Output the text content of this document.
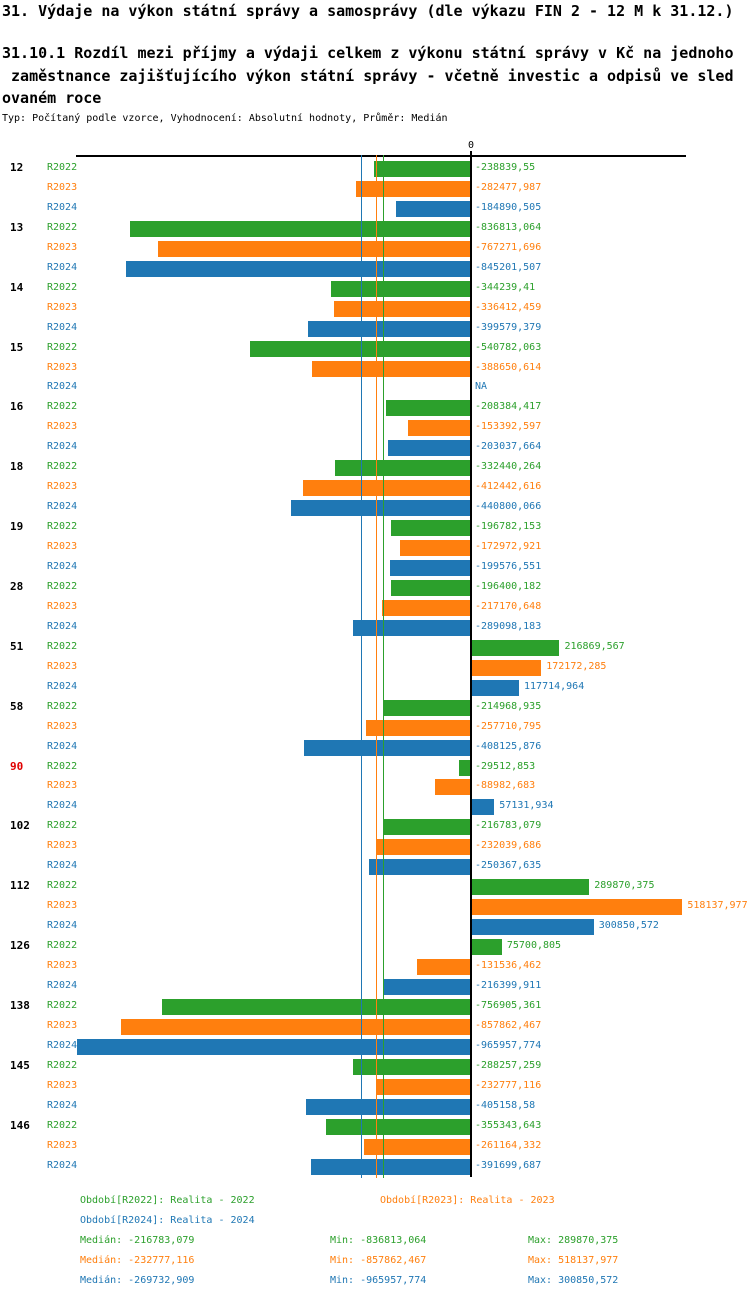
31. Výdaje na výkon státní správy a samosprávy (dle výkazu FIN 2 - 12 M k 31.12.)
31.10.1 Rozdíl mezi příjmy a výdaji celkem z výkonu státní správy v Kč na jednoho
zaměstnance zajišťujícího výkon státní správy - včetně investic a odpisů ve sled
ovaném roce
Typ: Počítaný podle vzorce, Vyhodnocení: Absolutní hodnoty, Průměr: Medián
0
12 R2022	-238839,55
R2023	-282477,987
R2024	-184890,505
13 R2022	-836813,064
R2023	-767271,696
R2024	-845201,507
14 R2022	-344239,41
R2023	-336412,459
R2024	-399579,379
15 R2022	-540782,063
R2023	-388650,614
R2024	NA
16 R2022	-208384,417
R2023	-153392,597
R2024	-203037,664
18 R2022	-332440,264
R2023	-412442,616
R2024	-440800,066
19 R2022	-196782,153
R2023	-172972,921
R2024	-199576,551
28 R2022	-196400,182
R2023	-217170,648
R2024	-289098,183
51 R2022	216869,567
R2023	172172,285
R2024	117714,964
58 R2022	-214968,935
R2023	-257710,795
R2024	-408125,876
90 R2022	-29512,853
R2023	-88982,683
R2024	57131,934
102 R2022	-216783,079
R2023	-232039,686
R2024	-250367,635
112 R2022	289870,375
R2023	518137,977
R2024	300850,572
126 R2022	75700,805
R2023	-131536,462
R2024	-216399,911
138 R2022	-756905,361
R2023	-857862,467
R2024	-965957,774
145 R2022	-288257,259
R2023	-232777,116
R2024	-405158,58
146 R2022	-355343,643
R2023	-261164,332
R2024	-391699,687
Období[R2022]: Realita - 2022	Období[R2023]: Realita - 2023
Období[R2024]: Realita - 2024
Medián: -216783,079	Min: -836813,064	Max: 289870,375
Medián: -232777,116	Min: -857862,467	Max: 518137,977
Medián: -269732,909	Min: -965957,774	Max: 300850,572
